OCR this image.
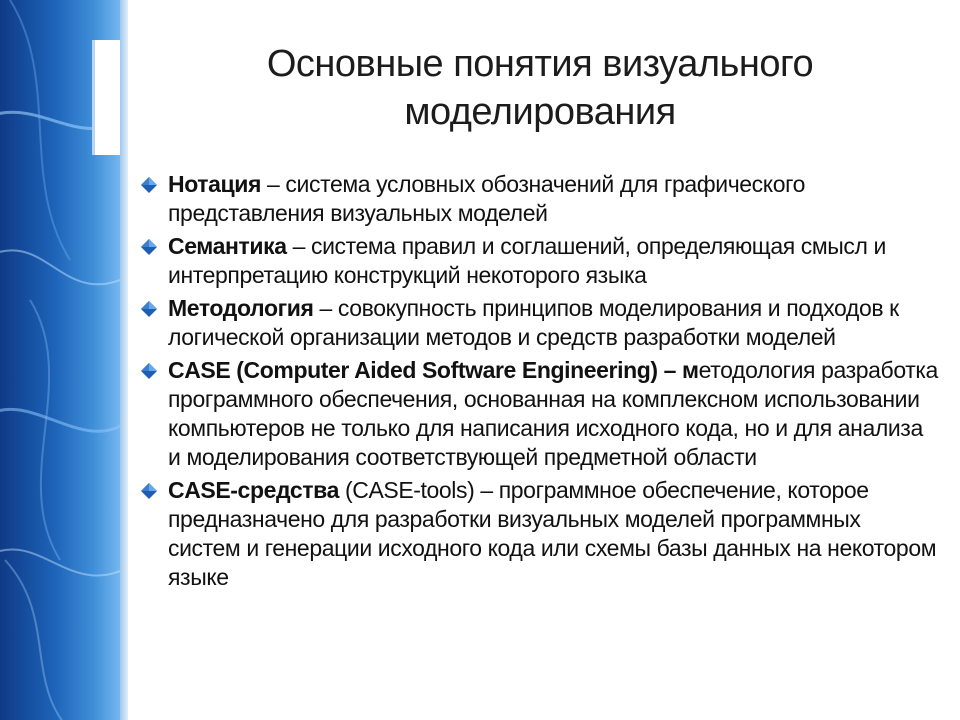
Основные понятия визуального
моделирования
Нотация – система условных обозначений для графического представления визуальных моделей
Семантика – система правил и соглашений, определяющая смысл и интерпретацию конструкций некоторого языка
Методология – совокупность принципов моделирования и подходов к логической организации методов и средств разработки моделей
CASE (Computer Aided Software Engineering) – методология разработка программного обеспечения, основанная на комплексном использовании компьютеров не только для написания исходного кода, но и для анализа и моделирования соответствующей предметной области
CASE-средства (CASE-tools) – программное обеспечение, которое предназначено для разработки визуальных моделей программных систем и генерации исходного кода или схемы базы данных на некотором языке
